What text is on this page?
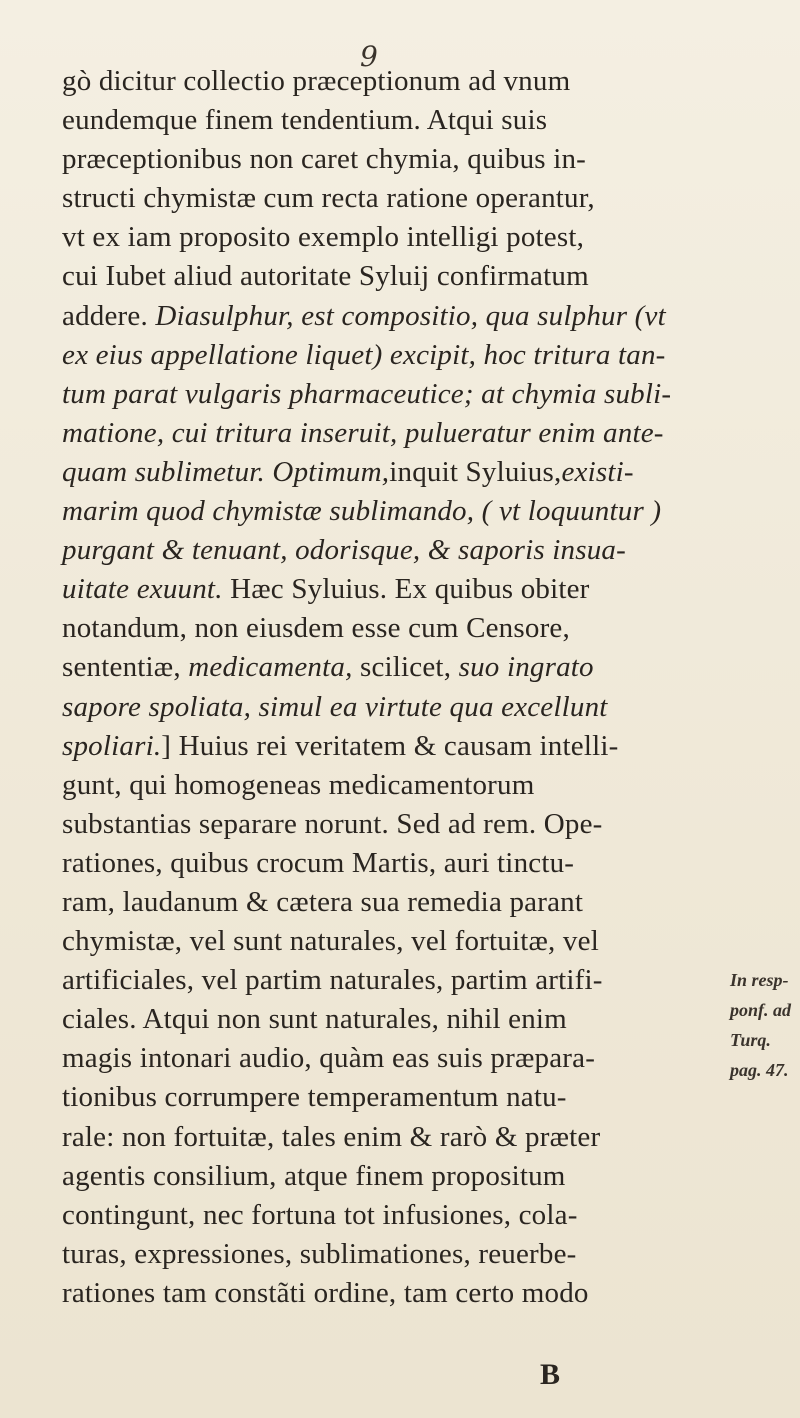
9
gò dicitur collectio præceptionum ad vnum
eundemque finem tendentium. Atqui suis
præceptionibus non caret chymia, quibus in-
structi chymistæ cum recta ratione operantur,
vt ex iam proposito exemplo intelligi potest,
cui Iubet aliud autoritate Syluij confirmatum
addere. Diasulphur, est compositio, qua sulphur (vt
ex eius appellatione liquet) excipit, hoc tritura tan-
tum parat vulgaris pharmaceutice; at chymia subli-
matione, cui tritura inseruit, pulueratur enim ante-
quam sublimetur. Optimum,inquit Syluius,existi-
marim quod chymistæ sublimando, ( vt loquuntur )
purgant & tenuant, odorisque, & saporis insua-
uitate exuunt. Hæc Syluius. Ex quibus obiter
notandum, non eiusdem esse cum Censore,
sententiæ, medicamenta, scilicet, suo ingrato
sapore spoliata, simul ea virtute qua excellunt
spoliari.] Huius rei veritatem & causam intelli-
gunt, qui homogeneas medicamentorum
substantias separare norunt. Sed ad rem. Ope-
rationes, quibus crocum Martis, auri tinctu-
ram, laudanum & cætera sua remedia parant
chymistæ, vel sunt naturales, vel fortuitæ, vel
artificiales, vel partim naturales, partim artifi-
ciales. Atqui non sunt naturales, nihil enim
magis intonari audio, quàm eas suis præpara-
tionibus corrumpere temperamentum natu-
rale: non fortuitæ, tales enim & rarò & præter
agentis consilium, atque finem propositum
contingunt, nec fortuna tot infusiones, cola-
turas, expressiones, sublimationes, reuerbe-
rationes tam constãti ordine, tam certo modo
In resp-
ponf. ad
Turq.
pag. 47.
B
